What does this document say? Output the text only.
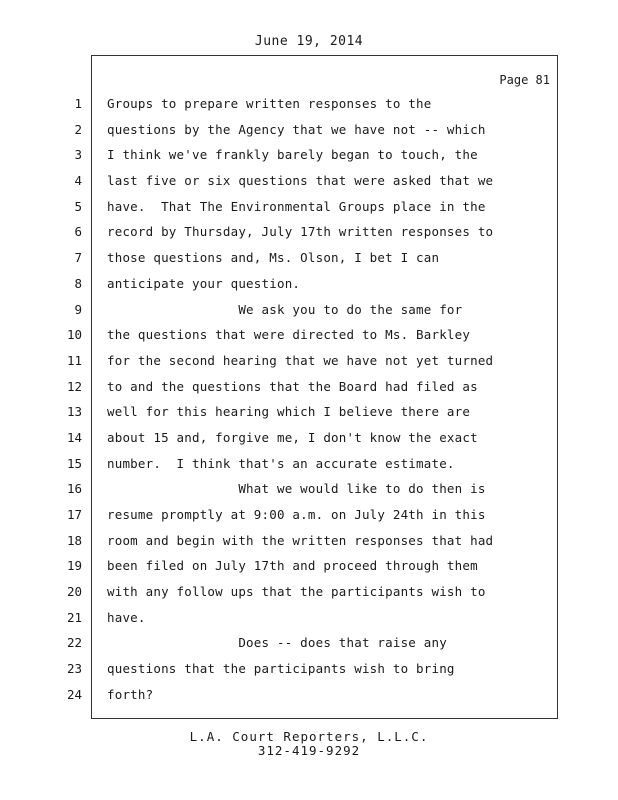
June 19, 2014
Page 81
1
2
3
4
5
6
7
8
9
10
11
12
13
14
15
16
17
18
19
20
21
22
23
24
Groups to prepare written responses to the
questions by the Agency that we have not -- which
I think we've frankly barely began to touch, the
last five or six questions that were asked that we
have.  That The Environmental Groups place in the
record by Thursday, July 17th written responses to
those questions and, Ms. Olson, I bet I can
anticipate your question.
We ask you to do the same for
the questions that were directed to Ms. Barkley
for the second hearing that we have not yet turned
to and the questions that the Board had filed as
well for this hearing which I believe there are
about 15 and, forgive me, I don't know the exact
number.  I think that's an accurate estimate.
What we would like to do then is
resume promptly at 9:00 a.m. on July 24th in this
room and begin with the written responses that had
been filed on July 17th and proceed through them
with any follow ups that the participants wish to
have.
Does -- does that raise any
questions that the participants wish to bring
forth?
L.A. Court Reporters, L.L.C.
312-419-9292
